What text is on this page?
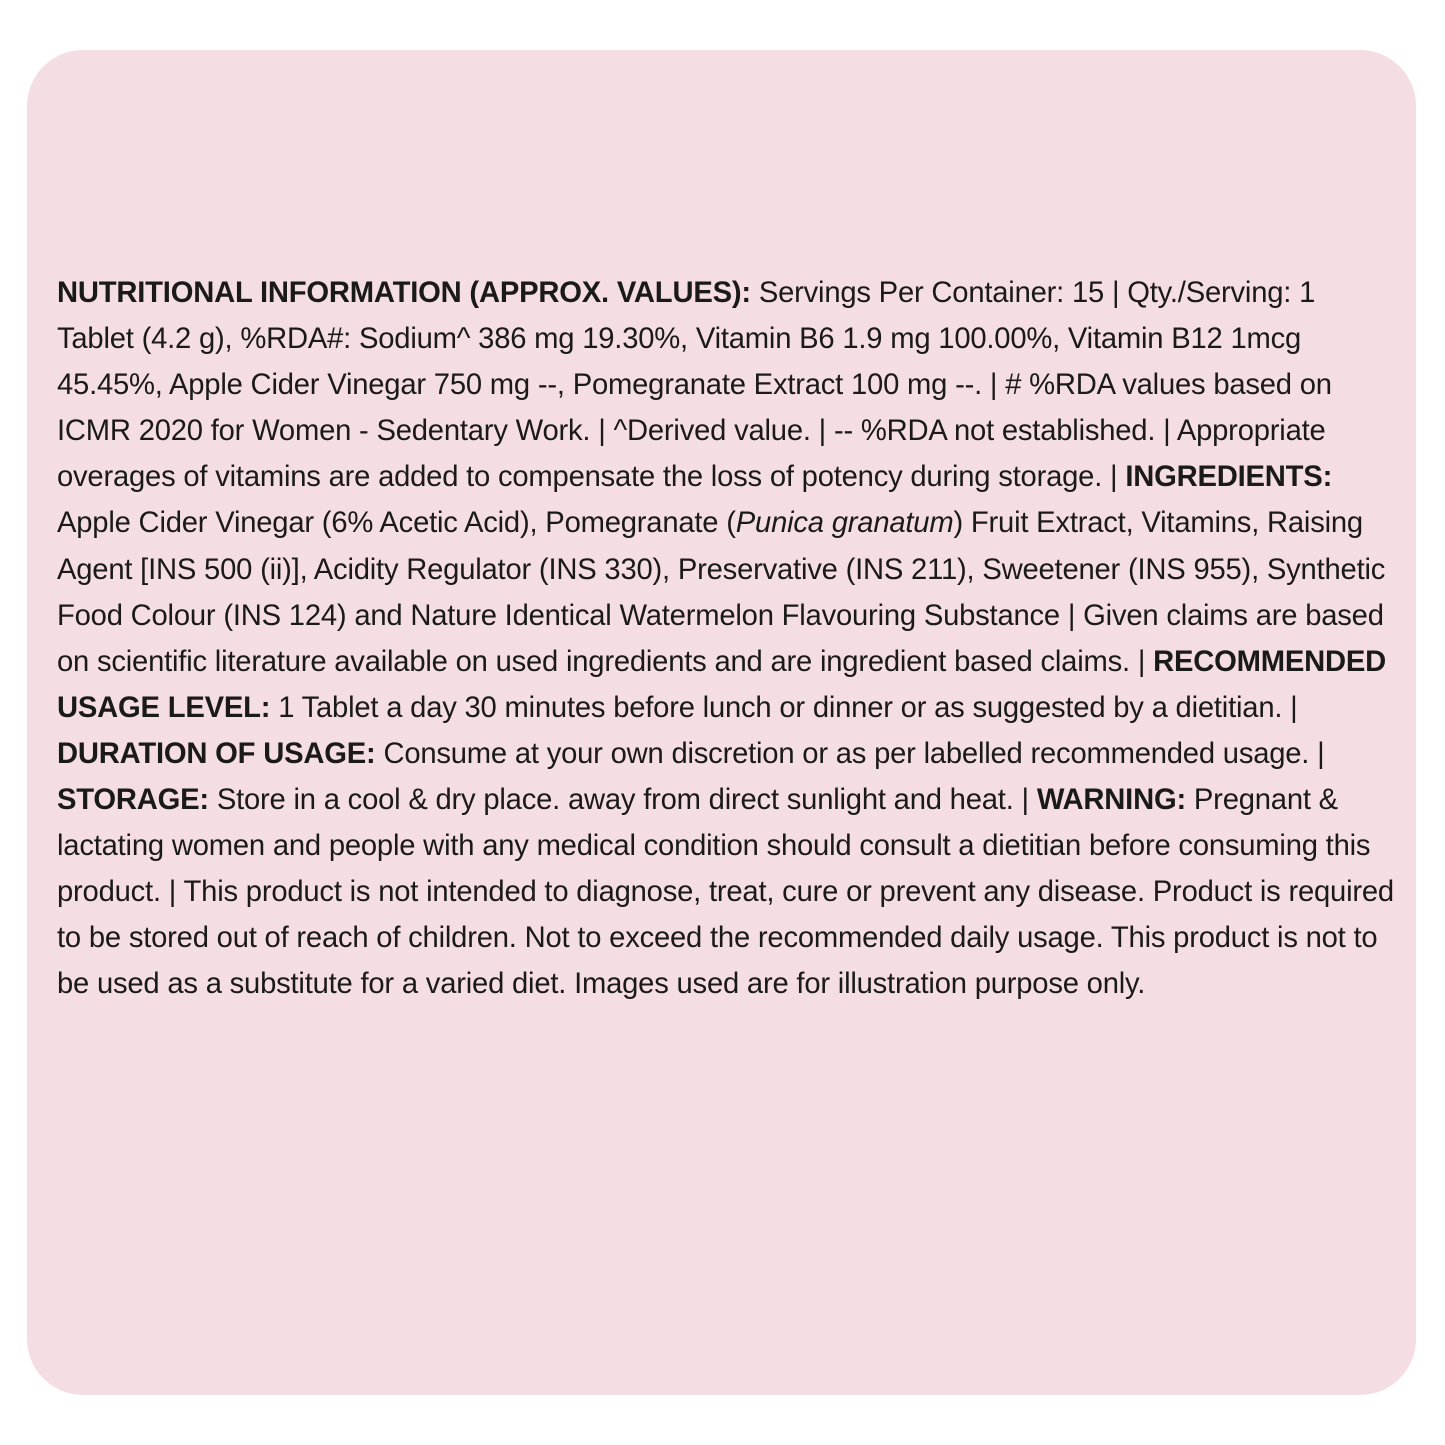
NUTRITIONAL INFORMATION (APPROX. VALUES): Servings Per Container: 15 | Qty./Serving: 1 Tablet (4.2 g), %RDA#: Sodium^ 386 mg 19.30%, Vitamin B6 1.9 mg 100.00%, Vitamin B12 1mcg 45.45%, Apple Cider Vinegar 750 mg --, Pomegranate Extract 100 mg --. | # %RDA values based on ICMR 2020 for Women - Sedentary Work. | ^Derived value. | -- %RDA not established. | Appropriate overages of vitamins are added to compensate the loss of potency during storage. | INGREDIENTS: Apple Cider Vinegar (6% Acetic Acid), Pomegranate (Punica granatum) Fruit Extract, Vitamins, Raising Agent [INS 500 (ii)], Acidity Regulator (INS 330), Preservative (INS 211), Sweetener (INS 955), Synthetic Food Colour (INS 124) and Nature Identical Watermelon Flavouring Substance | Given claims are based on scientific literature available on used ingredients and are ingredient based claims. | RECOMMENDED USAGE LEVEL: 1 Tablet a day 30 minutes before lunch or dinner or as suggested by a dietitian. | DURATION OF USAGE: Consume at your own discretion or as per labelled recommended usage. | STORAGE: Store in a cool & dry place. away from direct sunlight and heat. | WARNING: Pregnant & lactating women and people with any medical condition should consult a dietitian before consuming this product. | This product is not intended to diagnose, treat, cure or prevent any disease. Product is required to be stored out of reach of children. Not to exceed the recommended daily usage. This product is not to be used as a substitute for a varied diet. Images used are for illustration purpose only.
